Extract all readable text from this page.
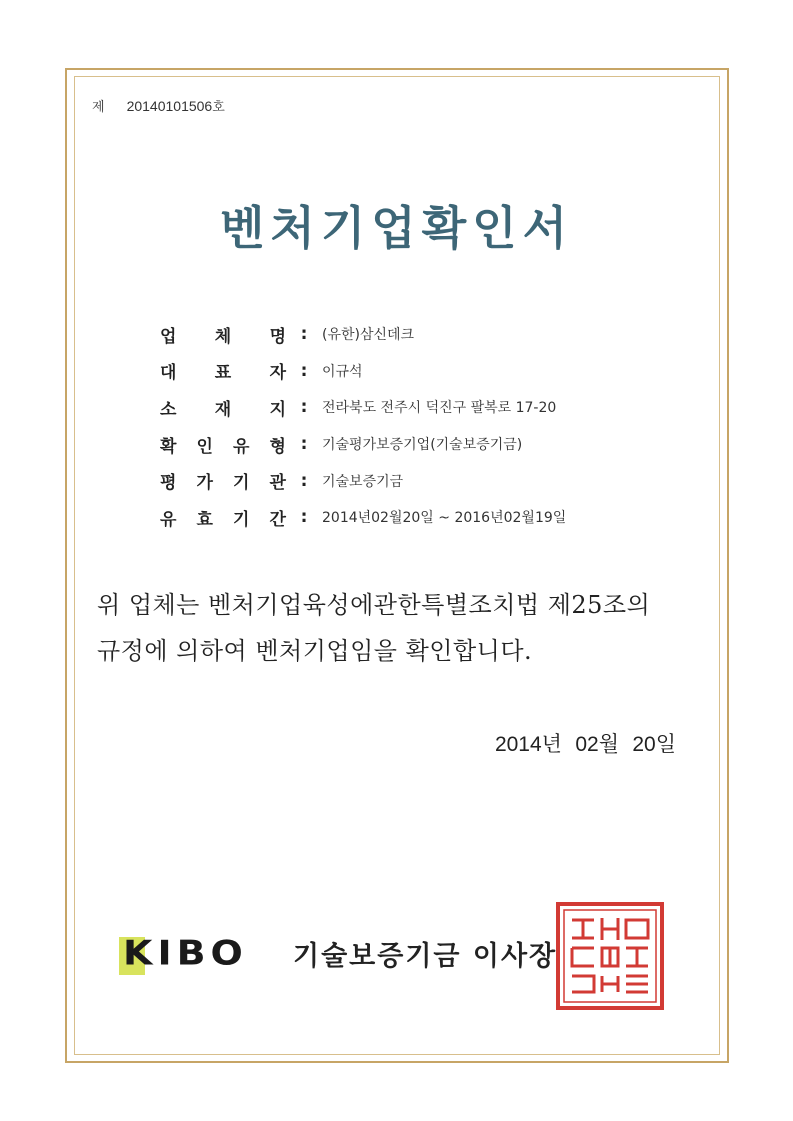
제 20140101506호
벤처기업확인서
업 체 명 :	(유한)삼신데크
대 표 자 :	이규석
소 재 지 :	전라북도 전주시 덕진구 팔복로 17-20
확 인 유 형 :	기술평가보증기업(기술보증기금)
평 가 기 관 :	기술보증기금
유 효 기 간 :	2014년02월20일 ~ 2016년02월19일
위 업체는 벤처기업육성에관한특별조치법 제25조의
규정에 의하여 벤처기업임을 확인합니다.
2014년 02월 20일
KIBO 기술보증기금 이사장
